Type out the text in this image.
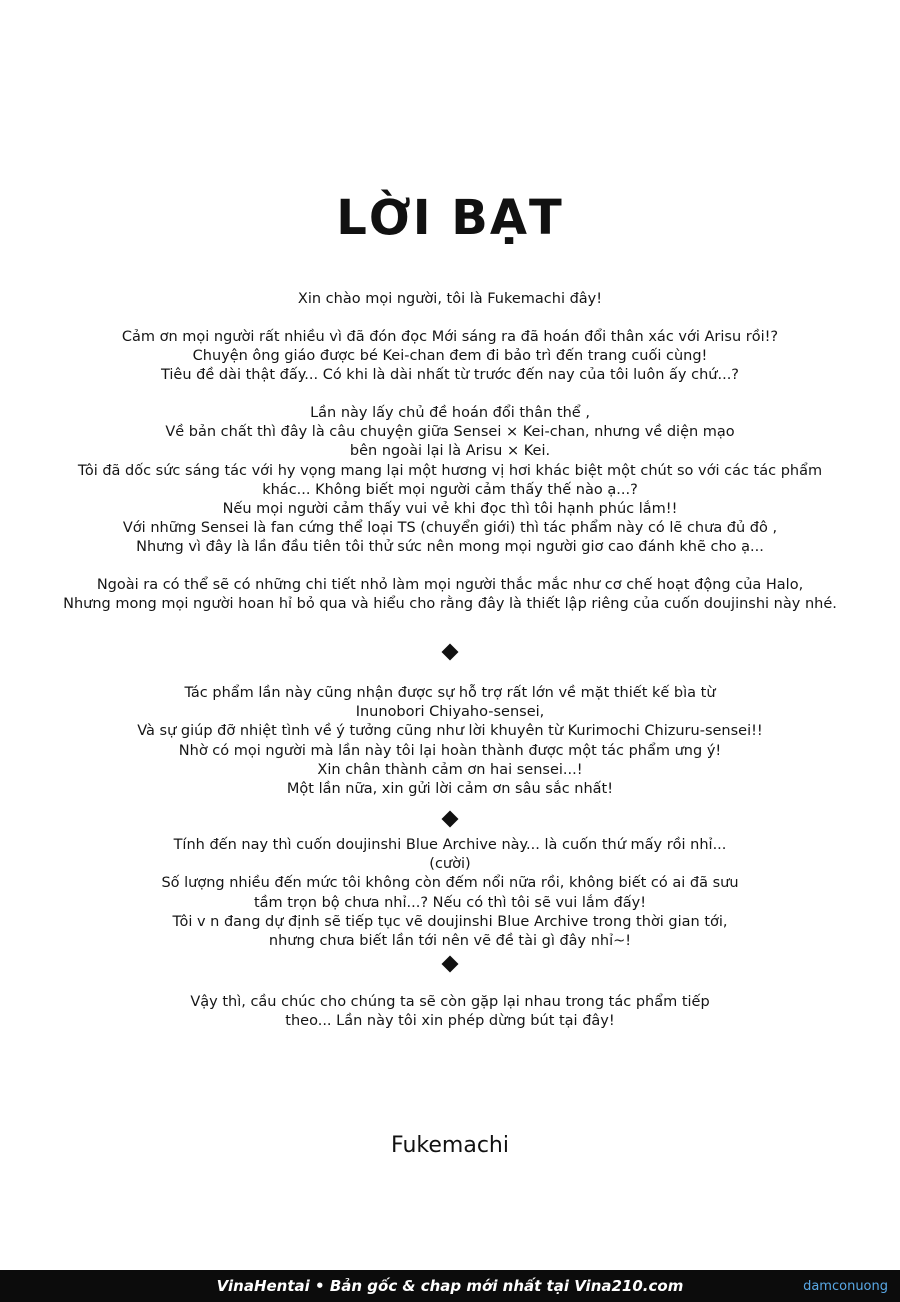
LỜI BẠT
Xin chào mọi người, tôi là Fukemachi đây!
Cảm ơn mọi người rất nhiều vì đã đón đọc Mới sáng ra đã hoán đổi thân xác với Arisu rồi!?
Chuyện ông giáo được bé Kei-chan đem đi bảo trì đến trang cuối cùng!
Tiêu đề dài thật đấy... Có khi là dài nhất từ trước đến nay của tôi luôn ấy chứ...?
Lần này lấy chủ đề hoán đổi thân thể ,
Về bản chất thì đây là câu chuyện giữa Sensei × Kei-chan, nhưng về diện mạo
bên ngoài lại là Arisu × Kei.
Tôi đã dốc sức sáng tác với hy vọng mang lại một hương vị hơi khác biệt một chút so với các tác phẩm
khác... Không biết mọi người cảm thấy thế nào ạ...?
Nếu mọi người cảm thấy vui vẻ khi đọc thì tôi hạnh phúc lắm!!
Với những Sensei là fan cứng thể loại TS (chuyển giới) thì tác phẩm này có lẽ chưa đủ đô ,
Nhưng vì đây là lần đầu tiên tôi thử sức nên mong mọi người giơ cao đánh khẽ cho ạ...
Ngoài ra có thể sẽ có những chi tiết nhỏ làm mọi người thắc mắc như cơ chế hoạt động của Halo,
Nhưng mong mọi người hoan hỉ bỏ qua và hiểu cho rằng đây là thiết lập riêng của cuốn doujinshi này nhé.
Tác phẩm lần này cũng nhận được sự hỗ trợ rất lớn về mặt thiết kế bìa từ
Inunobori Chiyaho-sensei,
Và sự giúp đỡ nhiệt tình về ý tưởng cũng như lời khuyên từ Kurimochi Chizuru-sensei!!
Nhờ có mọi người mà lần này tôi lại hoàn thành được một tác phẩm ưng ý!
Xin chân thành cảm ơn hai sensei...!
Một lần nữa, xin gửi lời cảm ơn sâu sắc nhất!
Tính đến nay thì cuốn doujinshi Blue Archive này... là cuốn thứ mấy rồi nhỉ...
(cười)
Số lượng nhiều đến mức tôi không còn đếm nổi nữa rồi, không biết có ai đã sưu
tầm trọn bộ chưa nhỉ...? Nếu có thì tôi sẽ vui lắm đấy!
Tôi v n đang dự định sẽ tiếp tục vẽ doujinshi Blue Archive trong thời gian tới,
nhưng chưa biết lần tới nên vẽ đề tài gì đây nhỉ~!
Vậy thì, cầu chúc cho chúng ta sẽ còn gặp lại nhau trong tác phẩm tiếp
theo... Lần này tôi xin phép dừng bút tại đây!
Fukemachi
VinaHentai • Bản gốc & chap mới nhất tại Vina210.com	damconuong
